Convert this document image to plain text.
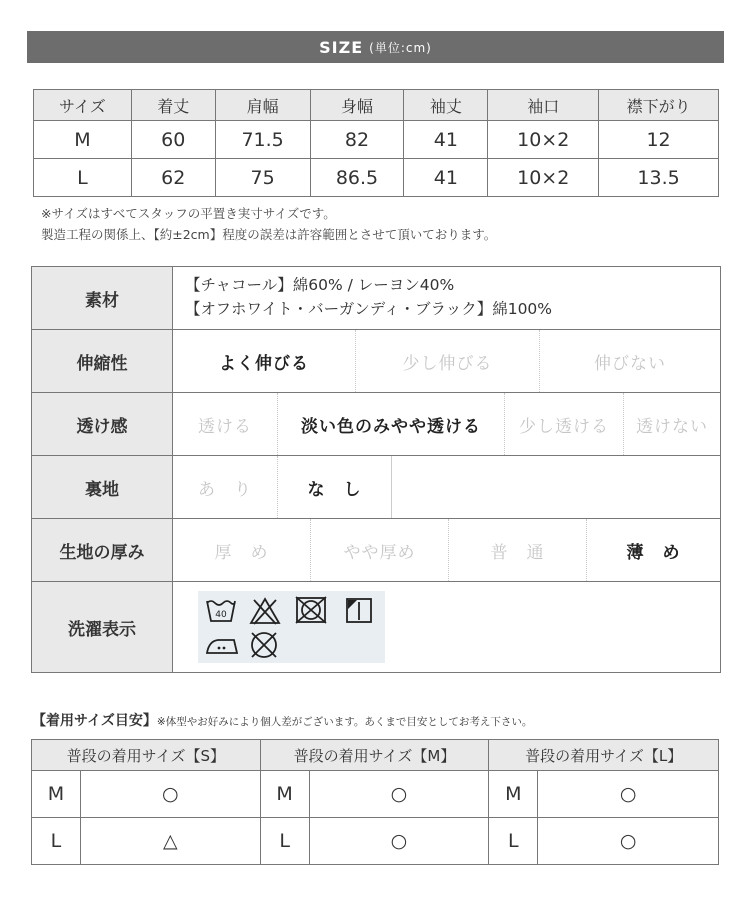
SIZE (単位:cm)
サイズ	着丈	肩幅	身幅	袖丈	袖口	襟下がり
M	60	71.5	82	41	10×2	12
L	62	75	86.5	41	10×2	13.5
※サイズはすべてスタッフの平置き実寸サイズです。
製造工程の関係上、【約±2cm】程度の誤差は許容範囲とさせて頂いております。
素材
【チャコール】綿60% / レーヨン40%
【オフホワイト・バーガンディ・ブラック】綿100%
伸縮性	よく伸びる	少し伸びる	伸びない
透け感	透ける	淡い色のみやや透ける	少し透ける	透けない
裏地	あ　り	な　し
生地の厚み	厚　め	やや厚め	普　通	薄　め
洗濯表示
40
【着用サイズ目安】※体型やお好みにより個人差がございます。あくまで目安としてお考え下さい。
普段の着用サイズ【S】		普段の着用サイズ【M】		普段の着用サイズ【L】	
M	○	M	○	M	○
L	△	L	○	L	○
